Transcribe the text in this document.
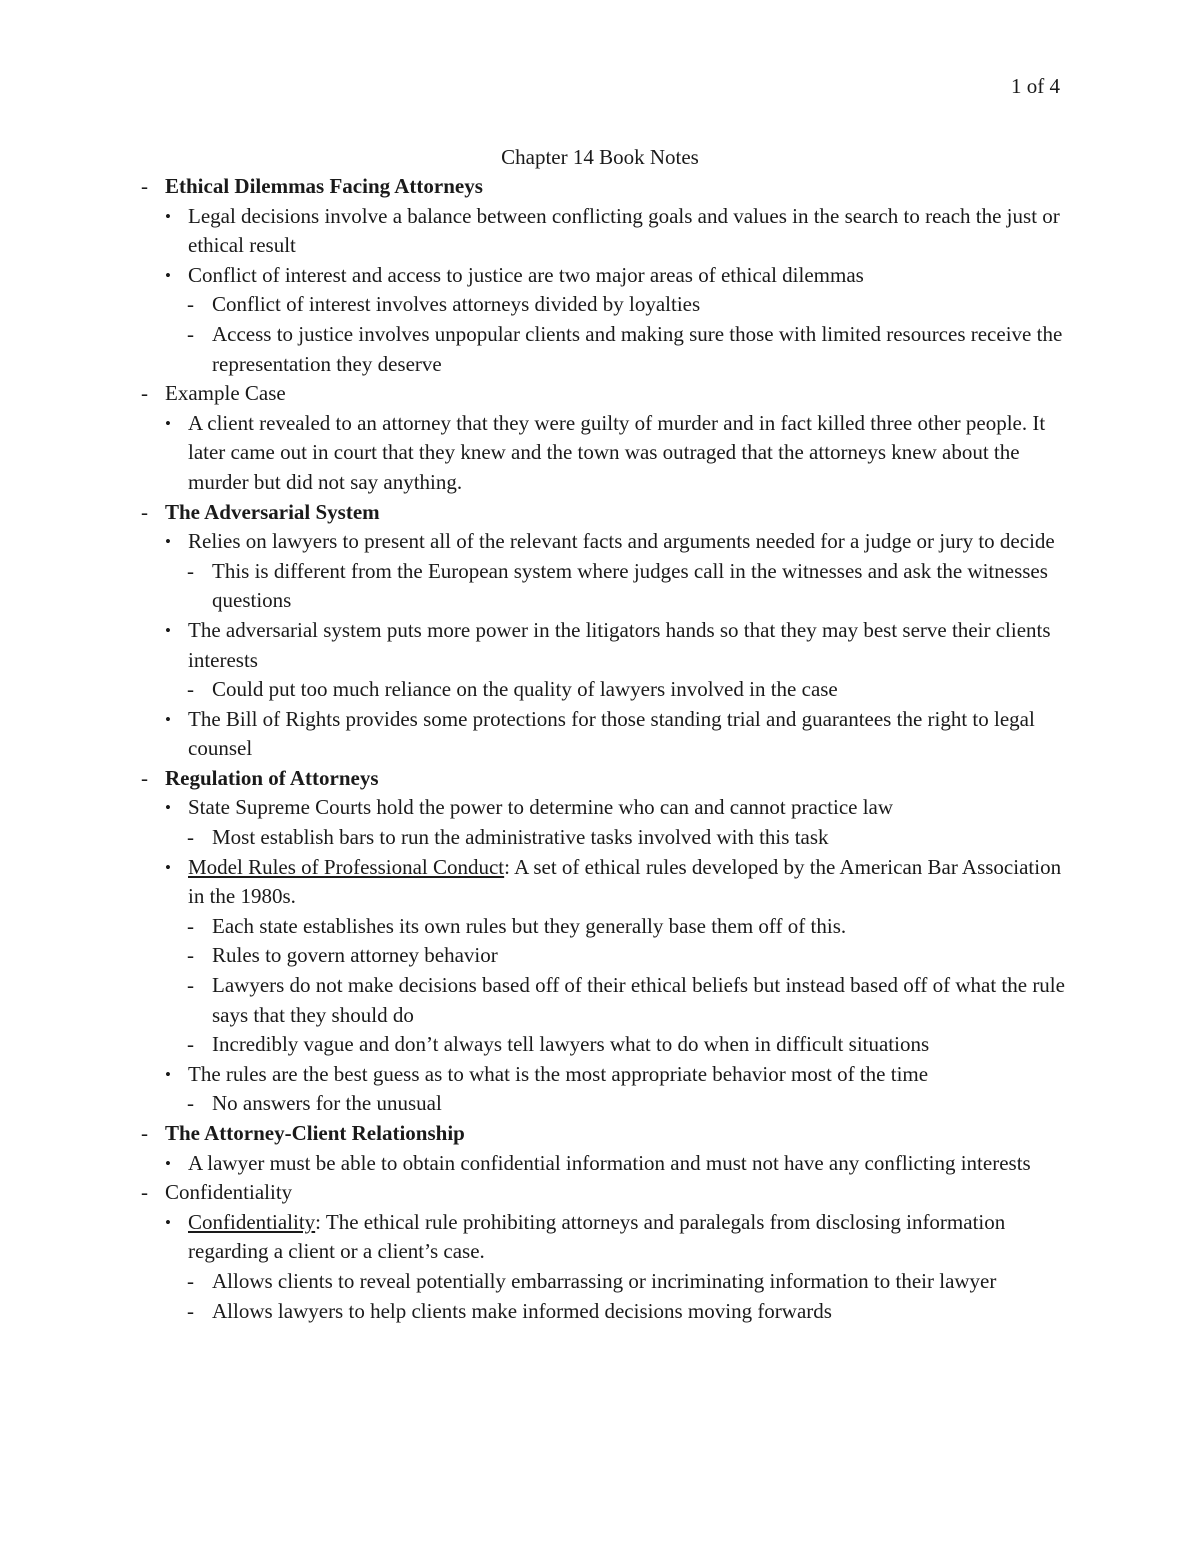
1 of 4
Chapter 14 Book Notes
- Ethical Dilemmas Facing Attorneys
• Legal decisions involve a balance between conflicting goals and values in the search to reach the just or ethical result
• Conflict of interest and access to justice are two major areas of ethical dilemmas
- Conflict of interest involves attorneys divided by loyalties
- Access to justice involves unpopular clients and making sure those with limited resources receive the representation they deserve
- Example Case
• A client revealed to an attorney that they were guilty of murder and in fact killed three other people. It later came out in court that they knew and the town was outraged that the attorneys knew about the murder but did not say anything.
- The Adversarial System
• Relies on lawyers to present all of the relevant facts and arguments needed for a judge or jury to decide
- This is different from the European system where judges call in the witnesses and ask the witnesses questions
• The adversarial system puts more power in the litigators hands so that they may best serve their clients interests
- Could put too much reliance on the quality of lawyers involved in the case
• The Bill of Rights provides some protections for those standing trial and guarantees the right to legal counsel
- Regulation of Attorneys
• State Supreme Courts hold the power to determine who can and cannot practice law
- Most establish bars to run the administrative tasks involved with this task
• Model Rules of Professional Conduct: A set of ethical rules developed by the American Bar Association in the 1980s.
- Each state establishes its own rules but they generally base them off of this.
- Rules to govern attorney behavior
- Lawyers do not make decisions based off of their ethical beliefs but instead based off of what the rule says that they should do
- Incredibly vague and don’t always tell lawyers what to do when in difficult situations
• The rules are the best guess as to what is the most appropriate behavior most of the time
- No answers for the unusual
- The Attorney-Client Relationship
• A lawyer must be able to obtain confidential information and must not have any conflicting interests
- Confidentiality
• Confidentiality: The ethical rule prohibiting attorneys and paralegals from disclosing information regarding a client or a client’s case.
- Allows clients to reveal potentially embarrassing or incriminating information to their lawyer
- Allows lawyers to help clients make informed decisions moving forwards
